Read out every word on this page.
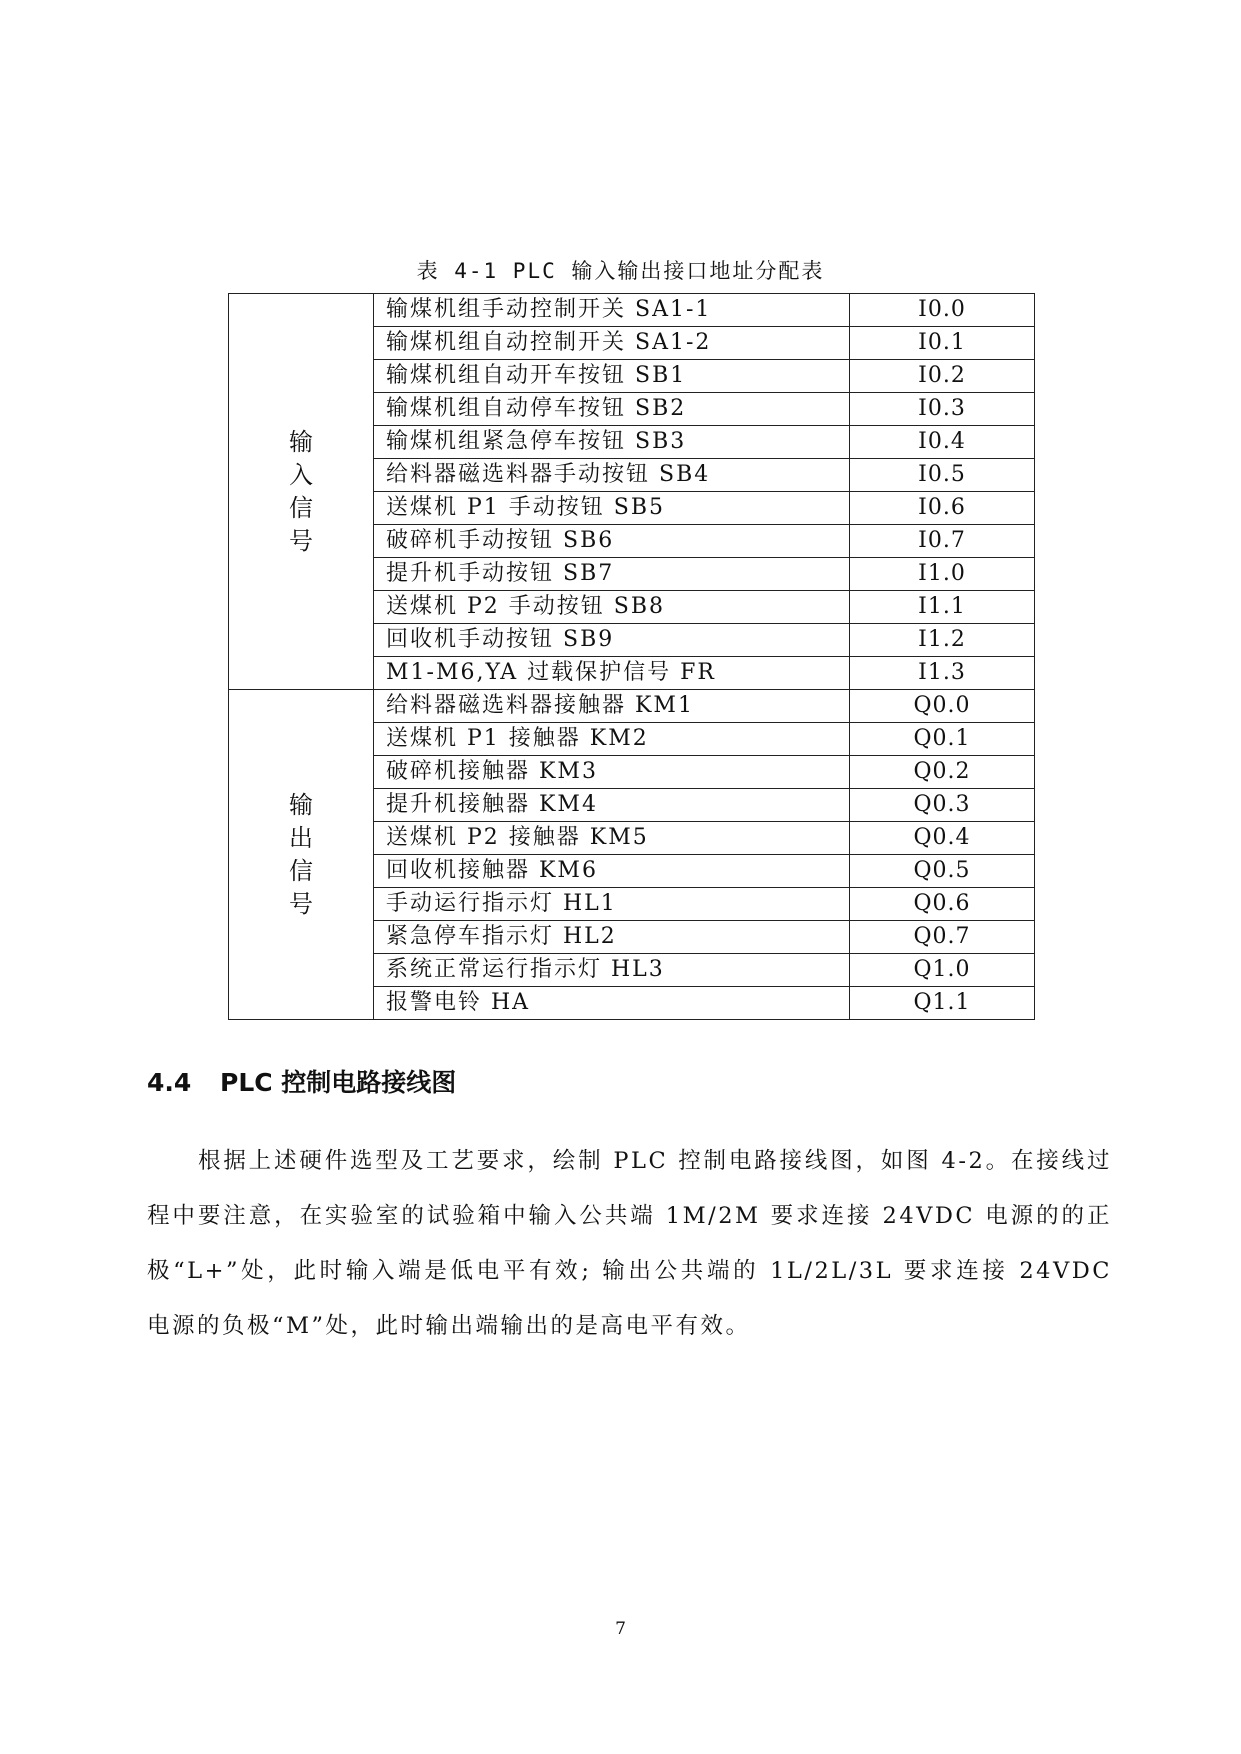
表 4-1 PLC 输入输出接口地址分配表
输
入
信
号	输煤机组手动控制开关 SA1-1	I0.0
	输煤机组自动控制开关 SA1-2	I0.1
	输煤机组自动开车按钮 SB1	I0.2
	输煤机组自动停车按钮 SB2	I0.3
	输煤机组紧急停车按钮 SB3	I0.4
	给料器磁选料器手动按钮 SB4	I0.5
	送煤机 P1 手动按钮 SB5	I0.6
	破碎机手动按钮 SB6	I0.7
	提升机手动按钮 SB7	I1.0
	送煤机 P2 手动按钮 SB8	I1.1
	回收机手动按钮 SB9	I1.2
	M1-M6,YA 过载保护信号 FR	I1.3

输
出
信
号	给料器磁选料器接触器 KM1	Q0.0
	送煤机 P1 接触器 KM2	Q0.1
	破碎机接触器 KM3	Q0.2
	提升机接触器 KM4	Q0.3
	送煤机 P2 接触器 KM5	Q0.4
	回收机接触器 KM6	Q0.5
	手动运行指示灯 HL1	Q0.6
	紧急停车指示灯 HL2	Q0.7
	系统正常运行指示灯 HL3	Q1.0
	报警电铃 HA	Q1.1
4.4 PLC 控制电路接线图
根据上述硬件选型及工艺要求，绘制 PLC 控制电路接线图，如图 4-2。在接线过程中要注意，在实验室的试验箱中输入公共端 1M/2M 要求连接 24VDC 电源的的正极“L+”处，此时输入端是低电平有效; 输出公共端的 1L/2L/3L 要求连接 24VDC 电源的负极“M”处，此时输出端输出的是高电平有效。
7
